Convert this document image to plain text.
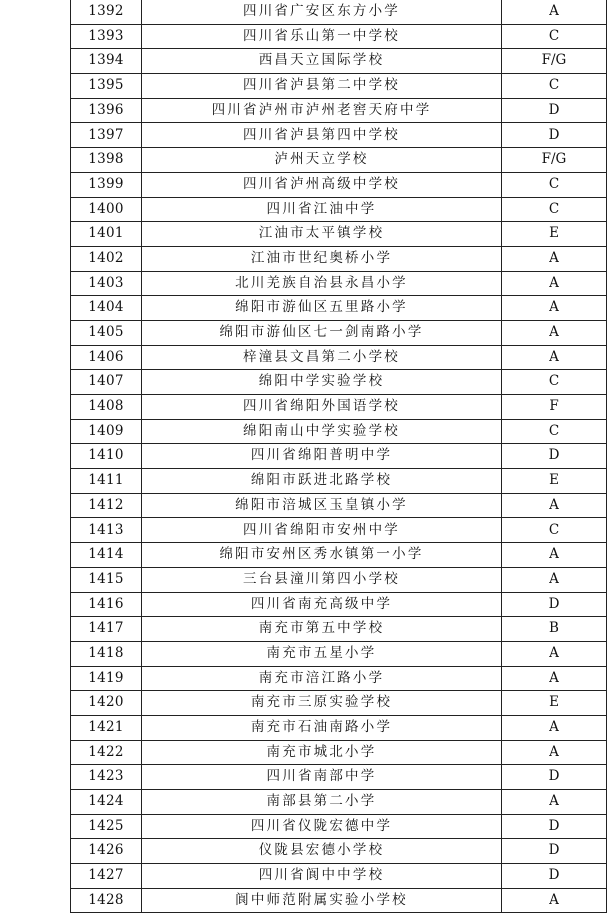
1392	四川省广安区东方小学	A
1393	四川省乐山第一中学校	C
1394	西昌天立国际学校	F/G
1395	四川省泸县第二中学校	C
1396	四川省泸州市泸州老窖天府中学	D
1397	四川省泸县第四中学校	D
1398	泸州天立学校	F/G
1399	四川省泸州高级中学校	C
1400	四川省江油中学	C
1401	江油市太平镇学校	E
1402	江油市世纪奥桥小学	A
1403	北川羌族自治县永昌小学	A
1404	绵阳市游仙区五里路小学	A
1405	绵阳市游仙区七一剑南路小学	A
1406	梓潼县文昌第二小学校	A
1407	绵阳中学实验学校	C
1408	四川省绵阳外国语学校	F
1409	绵阳南山中学实验学校	C
1410	四川省绵阳普明中学	D
1411	绵阳市跃进北路学校	E
1412	绵阳市涪城区玉皇镇小学	A
1413	四川省绵阳市安州中学	C
1414	绵阳市安州区秀水镇第一小学	A
1415	三台县潼川第四小学校	A
1416	四川省南充高级中学	D
1417	南充市第五中学校	B
1418	南充市五星小学	A
1419	南充市涪江路小学	A
1420	南充市三原实验学校	E
1421	南充市石油南路小学	A
1422	南充市城北小学	A
1423	四川省南部中学	D
1424	南部县第二小学	A
1425	四川省仪陇宏德中学	D
1426	仪陇县宏德小学校	D
1427	四川省阆中中学校	D
1428	阆中师范附属实验小学校	A
